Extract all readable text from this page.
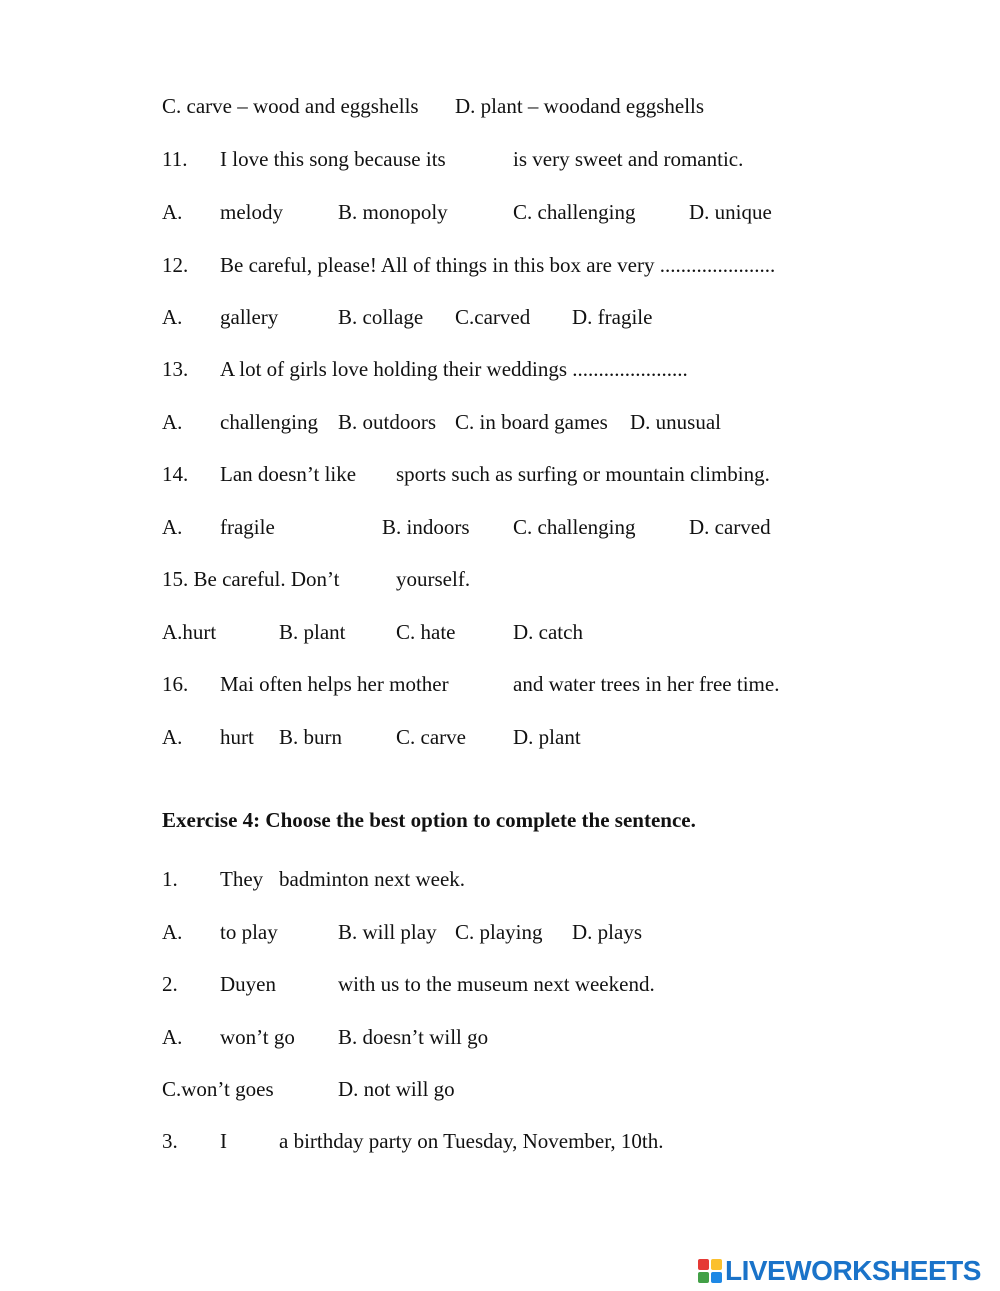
C. carve – wood and eggshells D. plant – woodand eggshells
11. I love this song because its	is very sweet and romantic.
A. melody	B. monopoly	C. challenging	D. unique
12. Be careful, please! All of things in this box are very ......................
A. gallery	B. collage C.carved D. fragile
13. A lot of girls love holding their weddings ......................
A. challenging B. outdoors C. in board games D. unusual
14. Lan doesn’t like sports such as surfing or mountain climbing.
A. fragile	B. indoors C. challenging	D. carved
15. Be careful. Don’t	yourself.
A.hurt	B. plant C. hate	D. catch
16. Mai often helps her mother	and water trees in her free time.
A. hurt B. burn	C. carve D. plant
Exercise 4: Choose the best option to complete the sentence.
1. They badminton next week.
A. to play	B. will play C. playing D. plays
2. Duyen	with us to the museum next weekend.
A. won’t go B. doesn’t will go
C.won’t goes	D. not will go
3. I a birthday party on Tuesday, November, 10th.
LIVEWORKSHEETS
